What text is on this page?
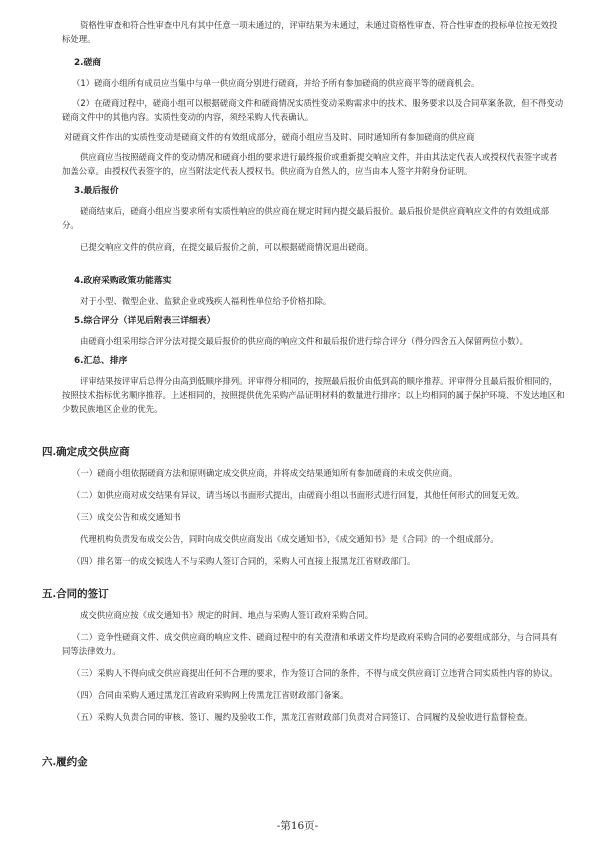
资格性审查和符合性审查中凡有其中任意一项未通过的，评审结果为未通过，未通过资格性审查、符合性审查的投标单位按无效投标处理。

2.磋商

（1）磋商小组所有成员应当集中与单一供应商分别进行磋商，并给予所有参加磋商的供应商平等的磋商机会。

（2）在磋商过程中，磋商小组可以根据磋商文件和磋商情况实质性变动采购需求中的技术、服务要求以及合同草案条款，但不得变动磋商文件中的其他内容。实质性变动的内容，须经采购人代表确认。

对磋商文件作出的实质性变动是磋商文件的有效组成部分，磋商小组应当及时、同时通知所有参加磋商的供应商

供应商应当按照磋商文件的变动情况和磋商小组的要求进行最终报价或重新提交响应文件，并由其法定代表人或授权代表签字或者加盖公章。由授权代表签字的，应当附法定代表人授权书。供应商为自然人的，应当由本人签字并附身份证明。

3.最后报价

磋商结束后，磋商小组应当要求所有实质性响应的供应商在规定时间内提交最后报价。最后报价是供应商响应文件的有效组成部分。

已提交响应文件的供应商，在提交最后报价之前，可以根据磋商情况退出磋商。

4.政府采购政策功能落实

对于小型、微型企业、监狱企业或残疾人福利性单位给予价格扣除。

5.综合评分（详见后附表三详细表）

由磋商小组采用综合评分法对提交最后报价的供应商的响应文件和最后报价进行综合评分（得分四舍五入保留两位小数）。

6.汇总、排序

评审结果按评审后总得分由高到低顺序排列。评审得分相同的，按照最后报价由低到高的顺序推荐。评审得分且最后报价相同的，按照技术指标优劣顺序推荐。上述相同的，按照提供优先采购产品证明材料的数量进行排序；以上均相同的属于保护环境、不发达地区和少数民族地区企业的优先。

四.确定成交供应商

（一）磋商小组依据磋商方法和原则确定成交供应商，并将成交结果通知所有参加磋商的未成交供应商。

（二）如供应商对成交结果有异议，请当场以书面形式提出，由磋商小组以书面形式进行回复，其他任何形式的回复无效。

（三）成交公告和成交通知书

代理机构负责发布成交公告，同时向成交供应商发出《成交通知书》，《成交通知书》是《合同》的一个组成部分。

（四）排名第一的成交候选人不与采购人签订合同的，采购人可直接上报黑龙江省财政部门。

五.合同的签订

成交供应商应按《成交通知书》规定的时间、地点与采购人签订政府采购合同。

（二）竞争性磋商文件、成交供应商的响应文件、磋商过程中的有关澄清和承诺文件均是政府采购合同的必要组成部分，与合同具有同等法律效力。

（三）采购人不得向成交供应商提出任何不合理的要求，作为签订合同的条件，不得与成交供应商订立违背合同实质性内容的协议。

（四）合同由采购人通过黑龙江省政府采购网上传黑龙江省财政部门备案。

（五）采购人负责合同的审核、签订、履约及验收工作，黑龙江省财政部门负责对合同签订、合同履约及验收进行监督检查。

六.履约金

-第16页-
